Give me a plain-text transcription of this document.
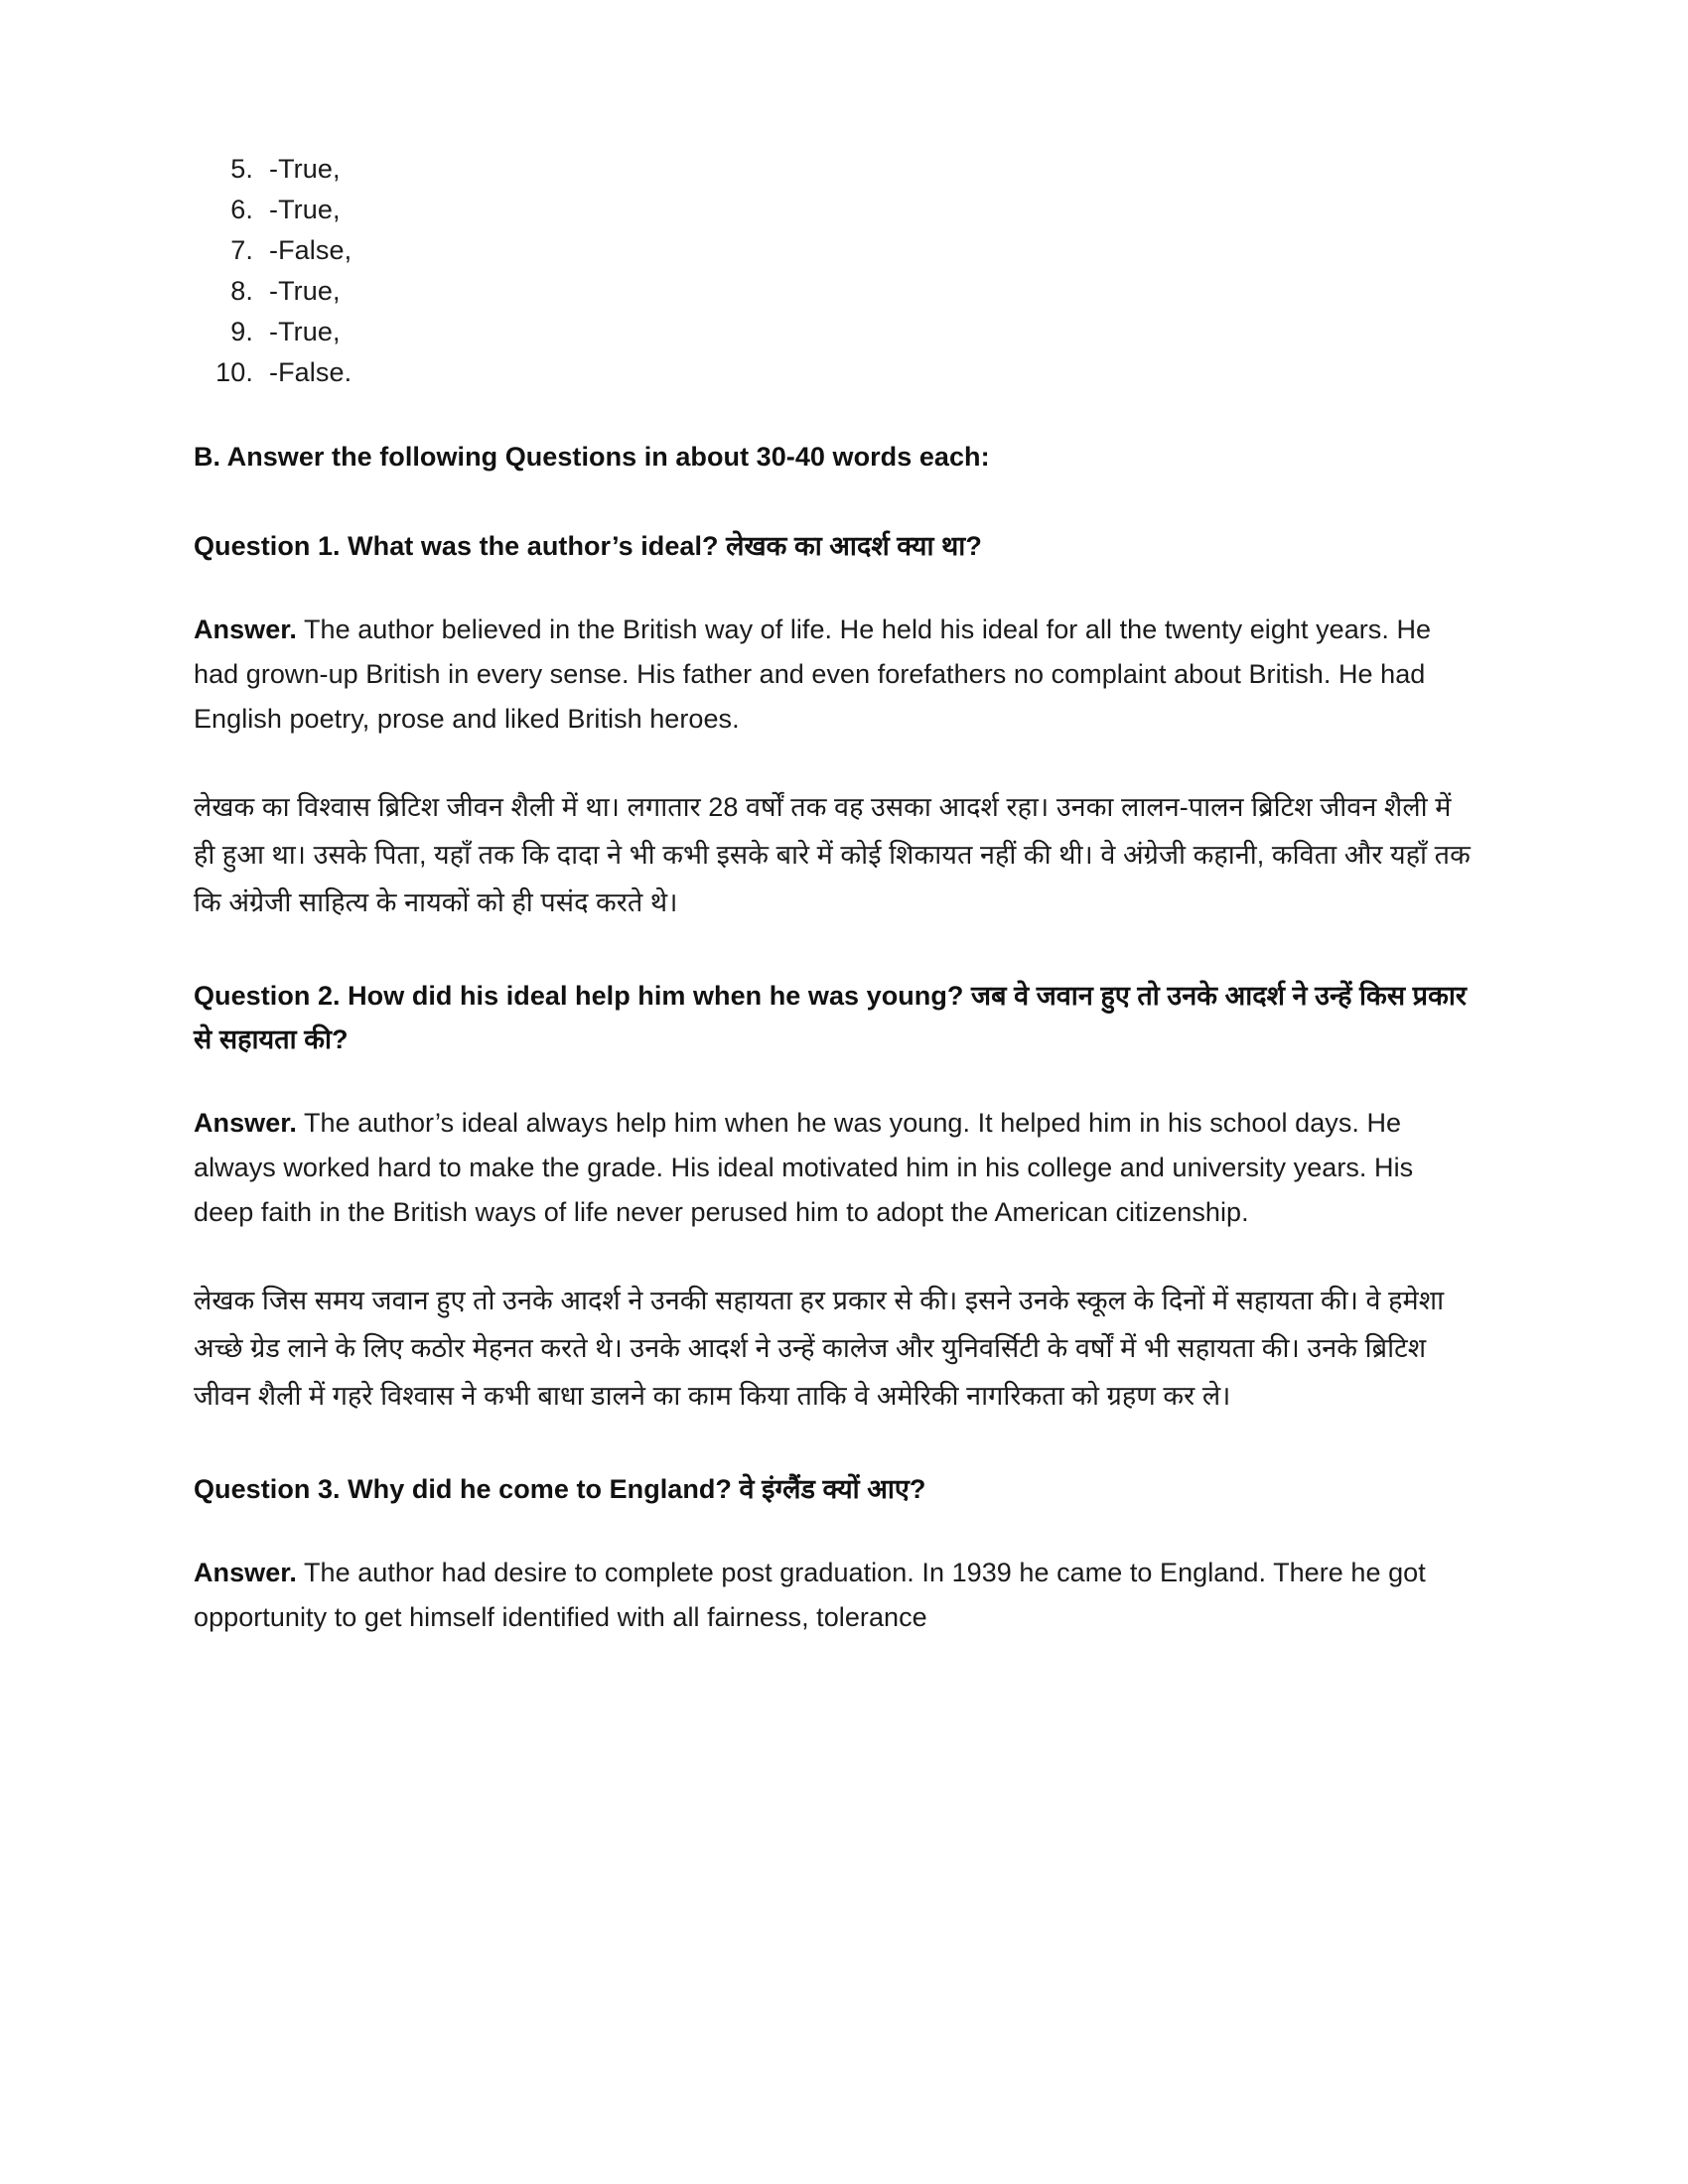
5. -True,
6. -True,
7. -False,
8. -True,
9. -True,
10. -False.
B. Answer the following Questions in about 30-40 words each:
Question 1. What was the author’s ideal? लेखक का आदर्श क्या था?

Answer. The author believed in the British way of life. He held his ideal for all the twenty eight years. He had grown-up British in every sense. His father and even forefathers no complaint about British. He had English poetry, prose and liked British heroes.

लेखक का विश्वास ब्रिटिश जीवन शैली में था। लगातार 28 वर्षों तक वह उसका आदर्श रहा। उनका लालन-पालन ब्रिटिश जीवन शैली में ही हुआ था। उसके पिता, यहाँ तक कि दादा ने भी कभी इसके बारे में कोई शिकायत नहीं की थी। वे अंग्रेजी कहानी, कविता और यहाँ तक कि अंग्रेजी साहित्य के नायकों को ही पसंद करते थे।

Question 2. How did his ideal help him when he was young? जब वे जवान हुए तो उनके आदर्श ने उन्हें किस प्रकार से सहायता की?

Answer. The author’s ideal always help him when he was young. It helped him in his school days. He always worked hard to make the grade. His ideal motivated him in his college and university years. His deep faith in the British ways of life never perused him to adopt the American citizenship.

लेखक जिस समय जवान हुए तो उनके आदर्श ने उनकी सहायता हर प्रकार से की। इसने उनके स्कूल के दिनों में सहायता की। वे हमेशा अच्छे ग्रेड लाने के लिए कठोर मेहनत करते थे। उनके आदर्श ने उन्हें कालेज और युनिवर्सिटी के वर्षों में भी सहायता की। उनके ब्रिटिश जीवन शैली में गहरे विश्वास ने कभी बाधा डालने का काम किया ताकि वे अमेरिकी नागरिकता को ग्रहण कर ले।

Question 3. Why did he come to England? वे इंग्लैंड क्यों आए?

Answer. The author had desire to complete post graduation. In 1939 he came to England. There he got opportunity to get himself identified with all fairness, tolerance
